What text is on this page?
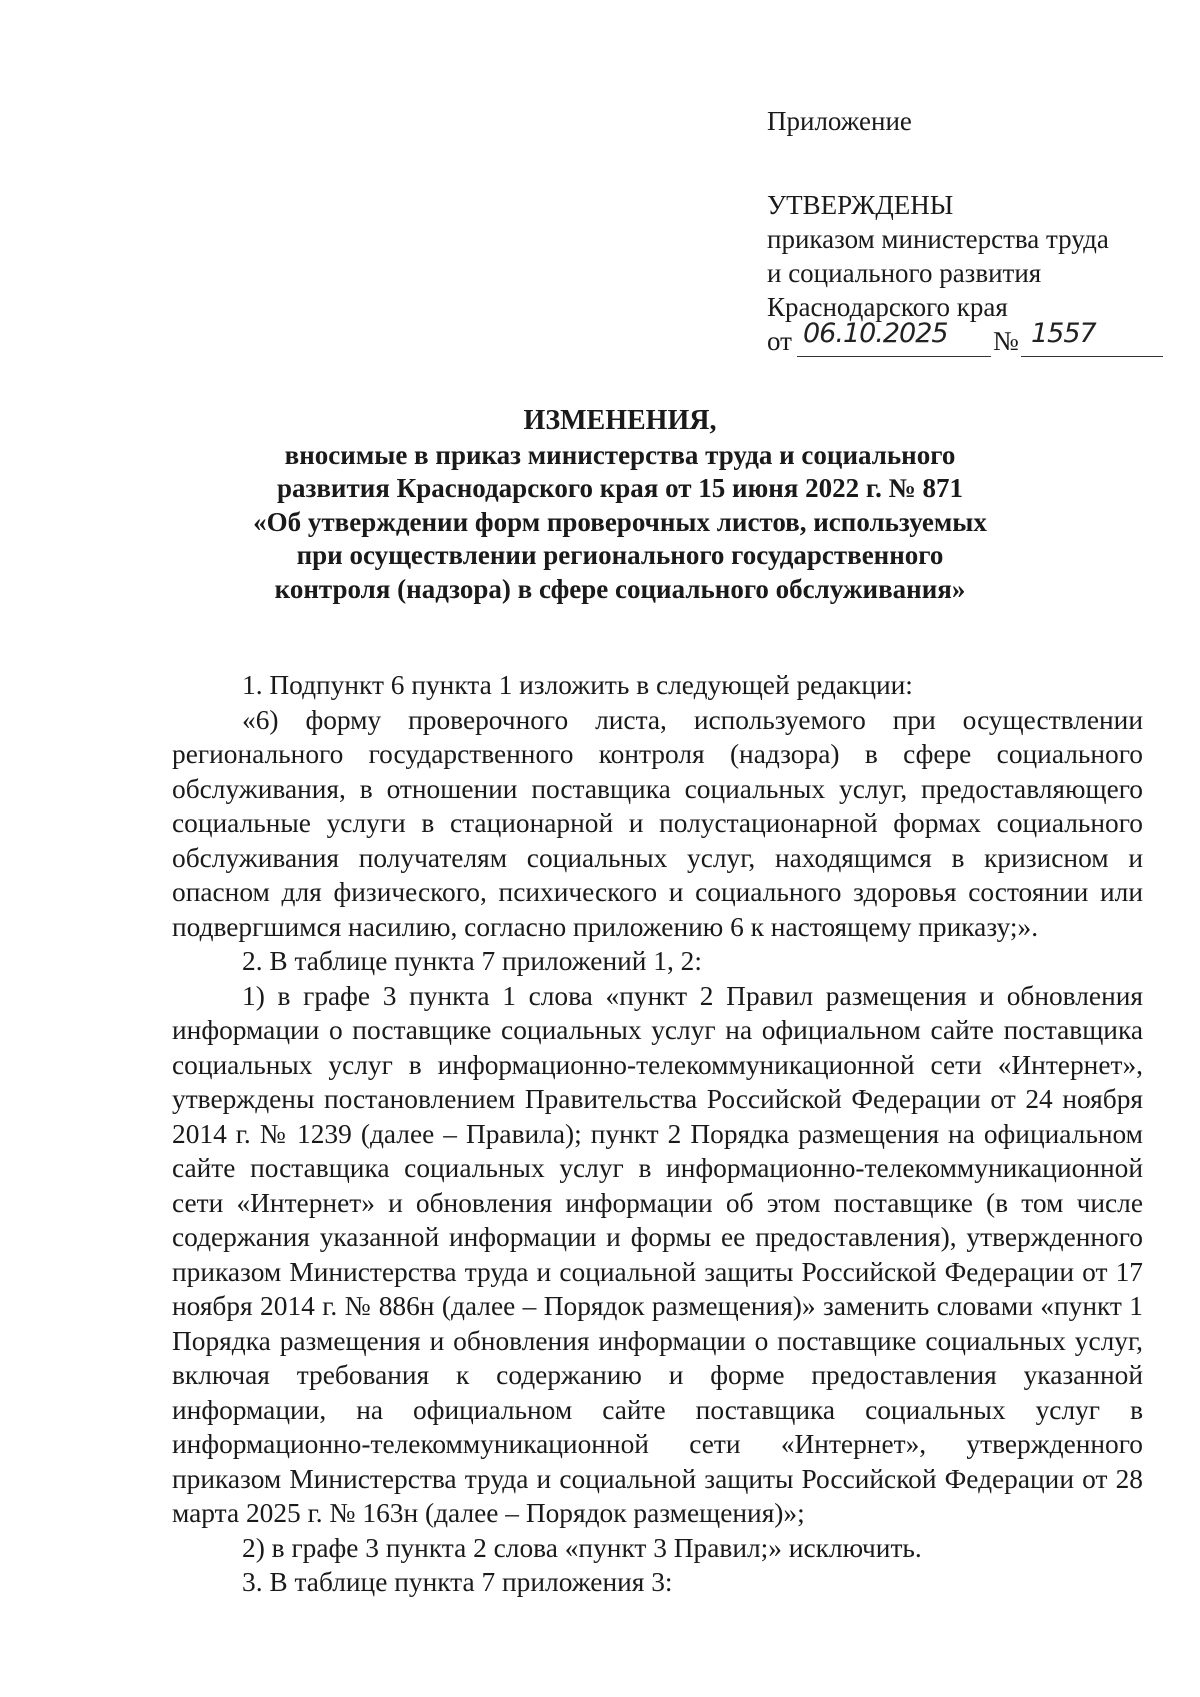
Приложение
УТВЕРЖДЕНЫ
приказом министерства труда
и социального развития
Краснодарского края
от 06.10.2025 № 1557
ИЗМЕНЕНИЯ,
вносимые в приказ министерства труда и социального
развития Краснодарского края от 15 июня 2022 г. № 871
«Об утверждении форм проверочных листов, используемых
при осуществлении регионального государственного
контроля (надзора) в сфере социального обслуживания»

1. Подпункт 6 пункта 1 изложить в следующей редакции:

«6) форму проверочного листа, используемого при осуществлении регионального государственного контроля (надзора) в сфере социального обслуживания, в отношении поставщика социальных услуг, предоставляющего социальные услуги в стационарной и полустационарной формах социального обслуживания получателям социальных услуг, находящимся в кризисном и опасном для физического, психического и социального здоровья состоянии или подвергшимся насилию, согласно приложению 6 к настоящему приказу;».

2. В таблице пункта 7 приложений 1, 2:

1) в графе 3 пункта 1 слова «пункт 2 Правил размещения и обновления информации о поставщике социальных услуг на официальном сайте поставщика социальных услуг в информационно-телекоммуникационной сети «Интернет», утверждены постановлением Правительства Российской Федерации от 24 ноября 2014 г. № 1239 (далее – Правила); пункт 2 Порядка размещения на официальном сайте поставщика социальных услуг в информационно-телекоммуникационной сети «Интернет» и обновления информации об этом поставщике (в том числе содержания указанной информации и формы ее предоставления), утвержденного приказом Министерства труда и социальной защиты Российской Федерации от 17 ноября 2014 г. № 886н (далее – Порядок размещения)» заменить словами «пункт 1 Порядка размещения и обновления информации о поставщике социальных услуг, включая требования к содержанию и форме предоставления указанной информации, на официальном сайте поставщика социальных услуг в информационно-телекоммуникационной сети «Интернет», утвержденного приказом Министерства труда и социальной защиты Российской Федерации от 28 марта 2025 г. № 163н (далее – Порядок размещения)»;

2) в графе 3 пункта 2 слова «пункт 3 Правил;» исключить.

3. В таблице пункта 7 приложения 3:
